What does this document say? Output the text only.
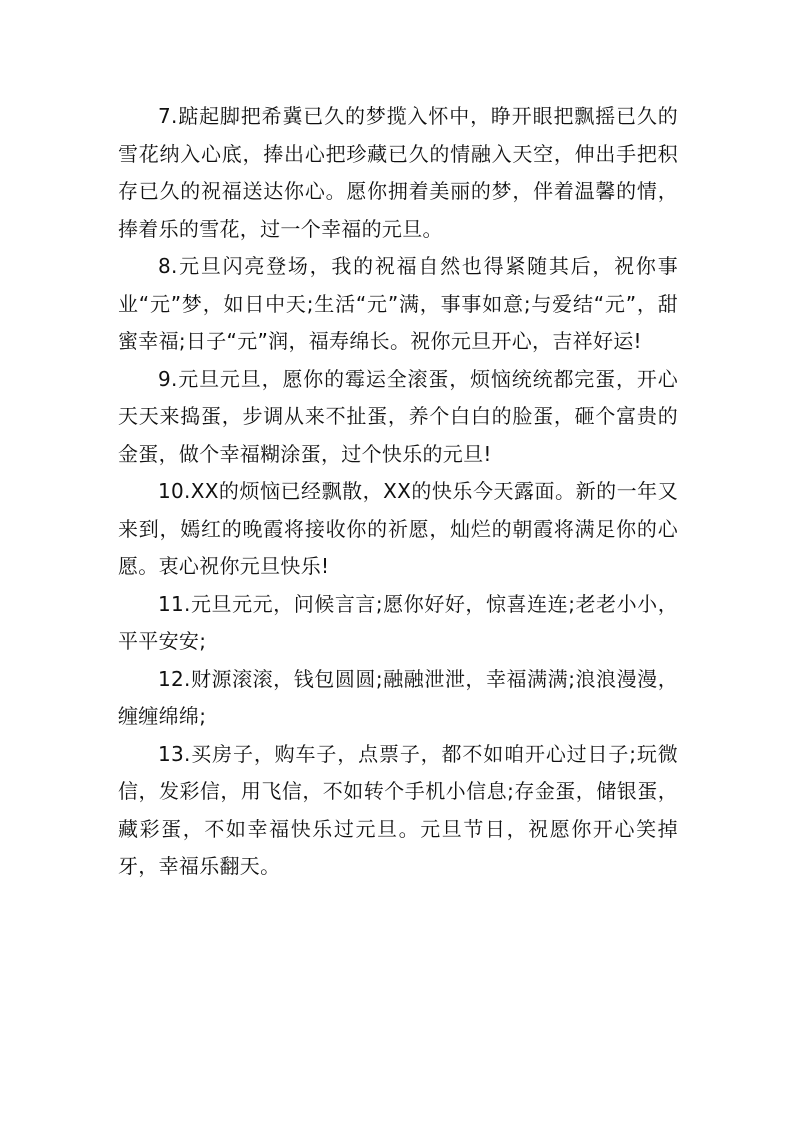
7.踮起脚把希冀已久的梦揽入怀中，睁开眼把飘摇已久的雪花纳入心底，捧出心把珍藏已久的情融入天空，伸出手把积存已久的祝福送达你心。愿你拥着美丽的梦，伴着温馨的情，捧着乐的雪花，过一个幸福的元旦。

8.元旦闪亮登场，我的祝福自然也得紧随其后，祝你事业“元”梦，如日中天;生活“元”满，事事如意;与爱结“元”，甜蜜幸福;日子“元”润，福寿绵长。祝你元旦开心，吉祥好运!

9.元旦元旦，愿你的霉运全滚蛋，烦恼统统都完蛋，开心天天来捣蛋，步调从来不扯蛋，养个白白的脸蛋，砸个富贵的金蛋，做个幸福糊涂蛋，过个快乐的元旦!

10.XX的烦恼已经飘散，XX的快乐今天露面。新的一年又来到，嫣红的晚霞将接收你的祈愿，灿烂的朝霞将满足你的心愿。衷心祝你元旦快乐!

11.元旦元元，问候言言;愿你好好，惊喜连连;老老小小，平平安安;

12.财源滚滚，钱包圆圆;融融泄泄，幸福满满;浪浪漫漫，缠缠绵绵;

13.买房子，购车子，点票子，都不如咱开心过日子;玩微信，发彩信，用飞信，不如转个手机小信息;存金蛋，储银蛋，藏彩蛋，不如幸福快乐过元旦。元旦节日，祝愿你开心笑掉牙，幸福乐翻天。
